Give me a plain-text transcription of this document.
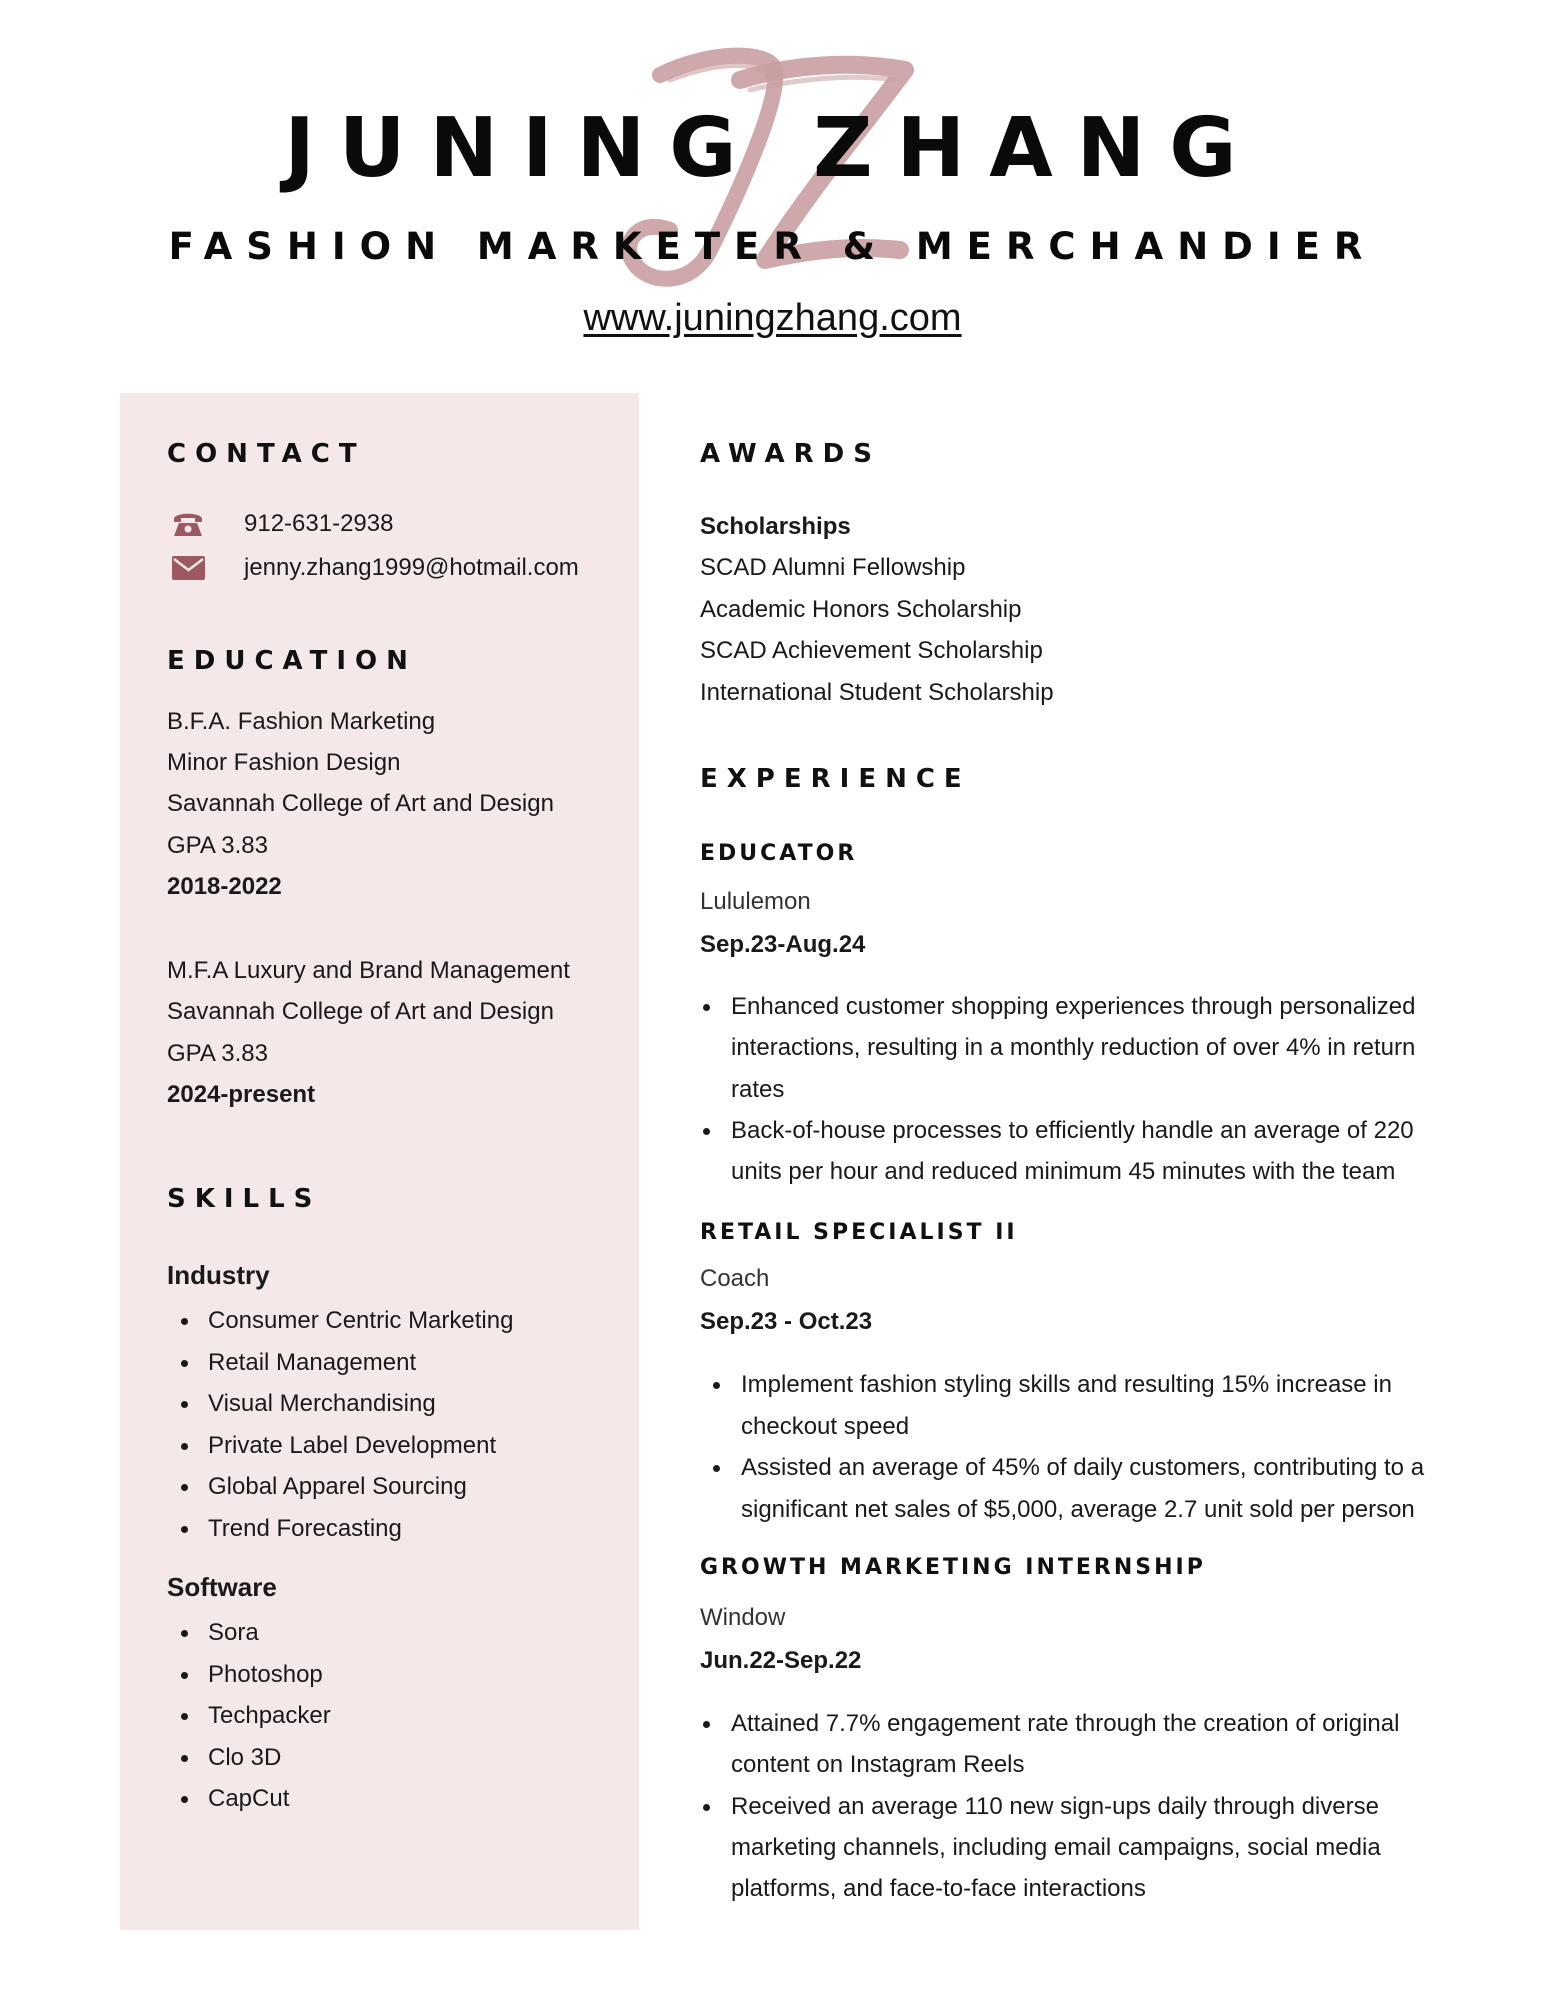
JUNING ZHANG
FASHION MARKETER & MERCHANDIER
www.juningzhang.com
CONTACT
912-631-2938
jenny.zhang1999@hotmail.com
EDUCATION
B.F.A. Fashion Marketing
Minor Fashion Design
Savannah College of Art and Design
GPA 3.83
2018-2022
M.F.A Luxury and Brand Management
Savannah College of Art and Design
GPA 3.83
2024-present
SKILLS
Industry
Consumer Centric Marketing
Retail Management
Visual Merchandising
Private Label Development
Global Apparel Sourcing
Trend Forecasting
Software
Sora
Photoshop
Techpacker
Clo 3D
CapCut
AWARDS
Scholarships
SCAD Alumni Fellowship
Academic Honors Scholarship
SCAD Achievement Scholarship
International Student Scholarship
EXPERIENCE
EDUCATOR
Lululemon
Sep.23-Aug.24
Enhanced customer shopping experiences through personalized
interactions, resulting in a monthly reduction of over 4% in return
rates
Back-of-house processes to efficiently handle an average of 220
units per hour and reduced minimum 45 minutes with the team
RETAIL SPECIALIST II
Coach
Sep.23 - Oct.23
Implement fashion styling skills and resulting 15% increase in
checkout speed
Assisted an average of 45% of daily customers, contributing to a
significant net sales of $5,000, average 2.7 unit sold per person
GROWTH MARKETING INTERNSHIP
Window
Jun.22-Sep.22
Attained 7.7% engagement rate through the creation of original
content on Instagram Reels
Received an average 110 new sign-ups daily through diverse
marketing channels, including email campaigns, social media
platforms, and face-to-face interactions
